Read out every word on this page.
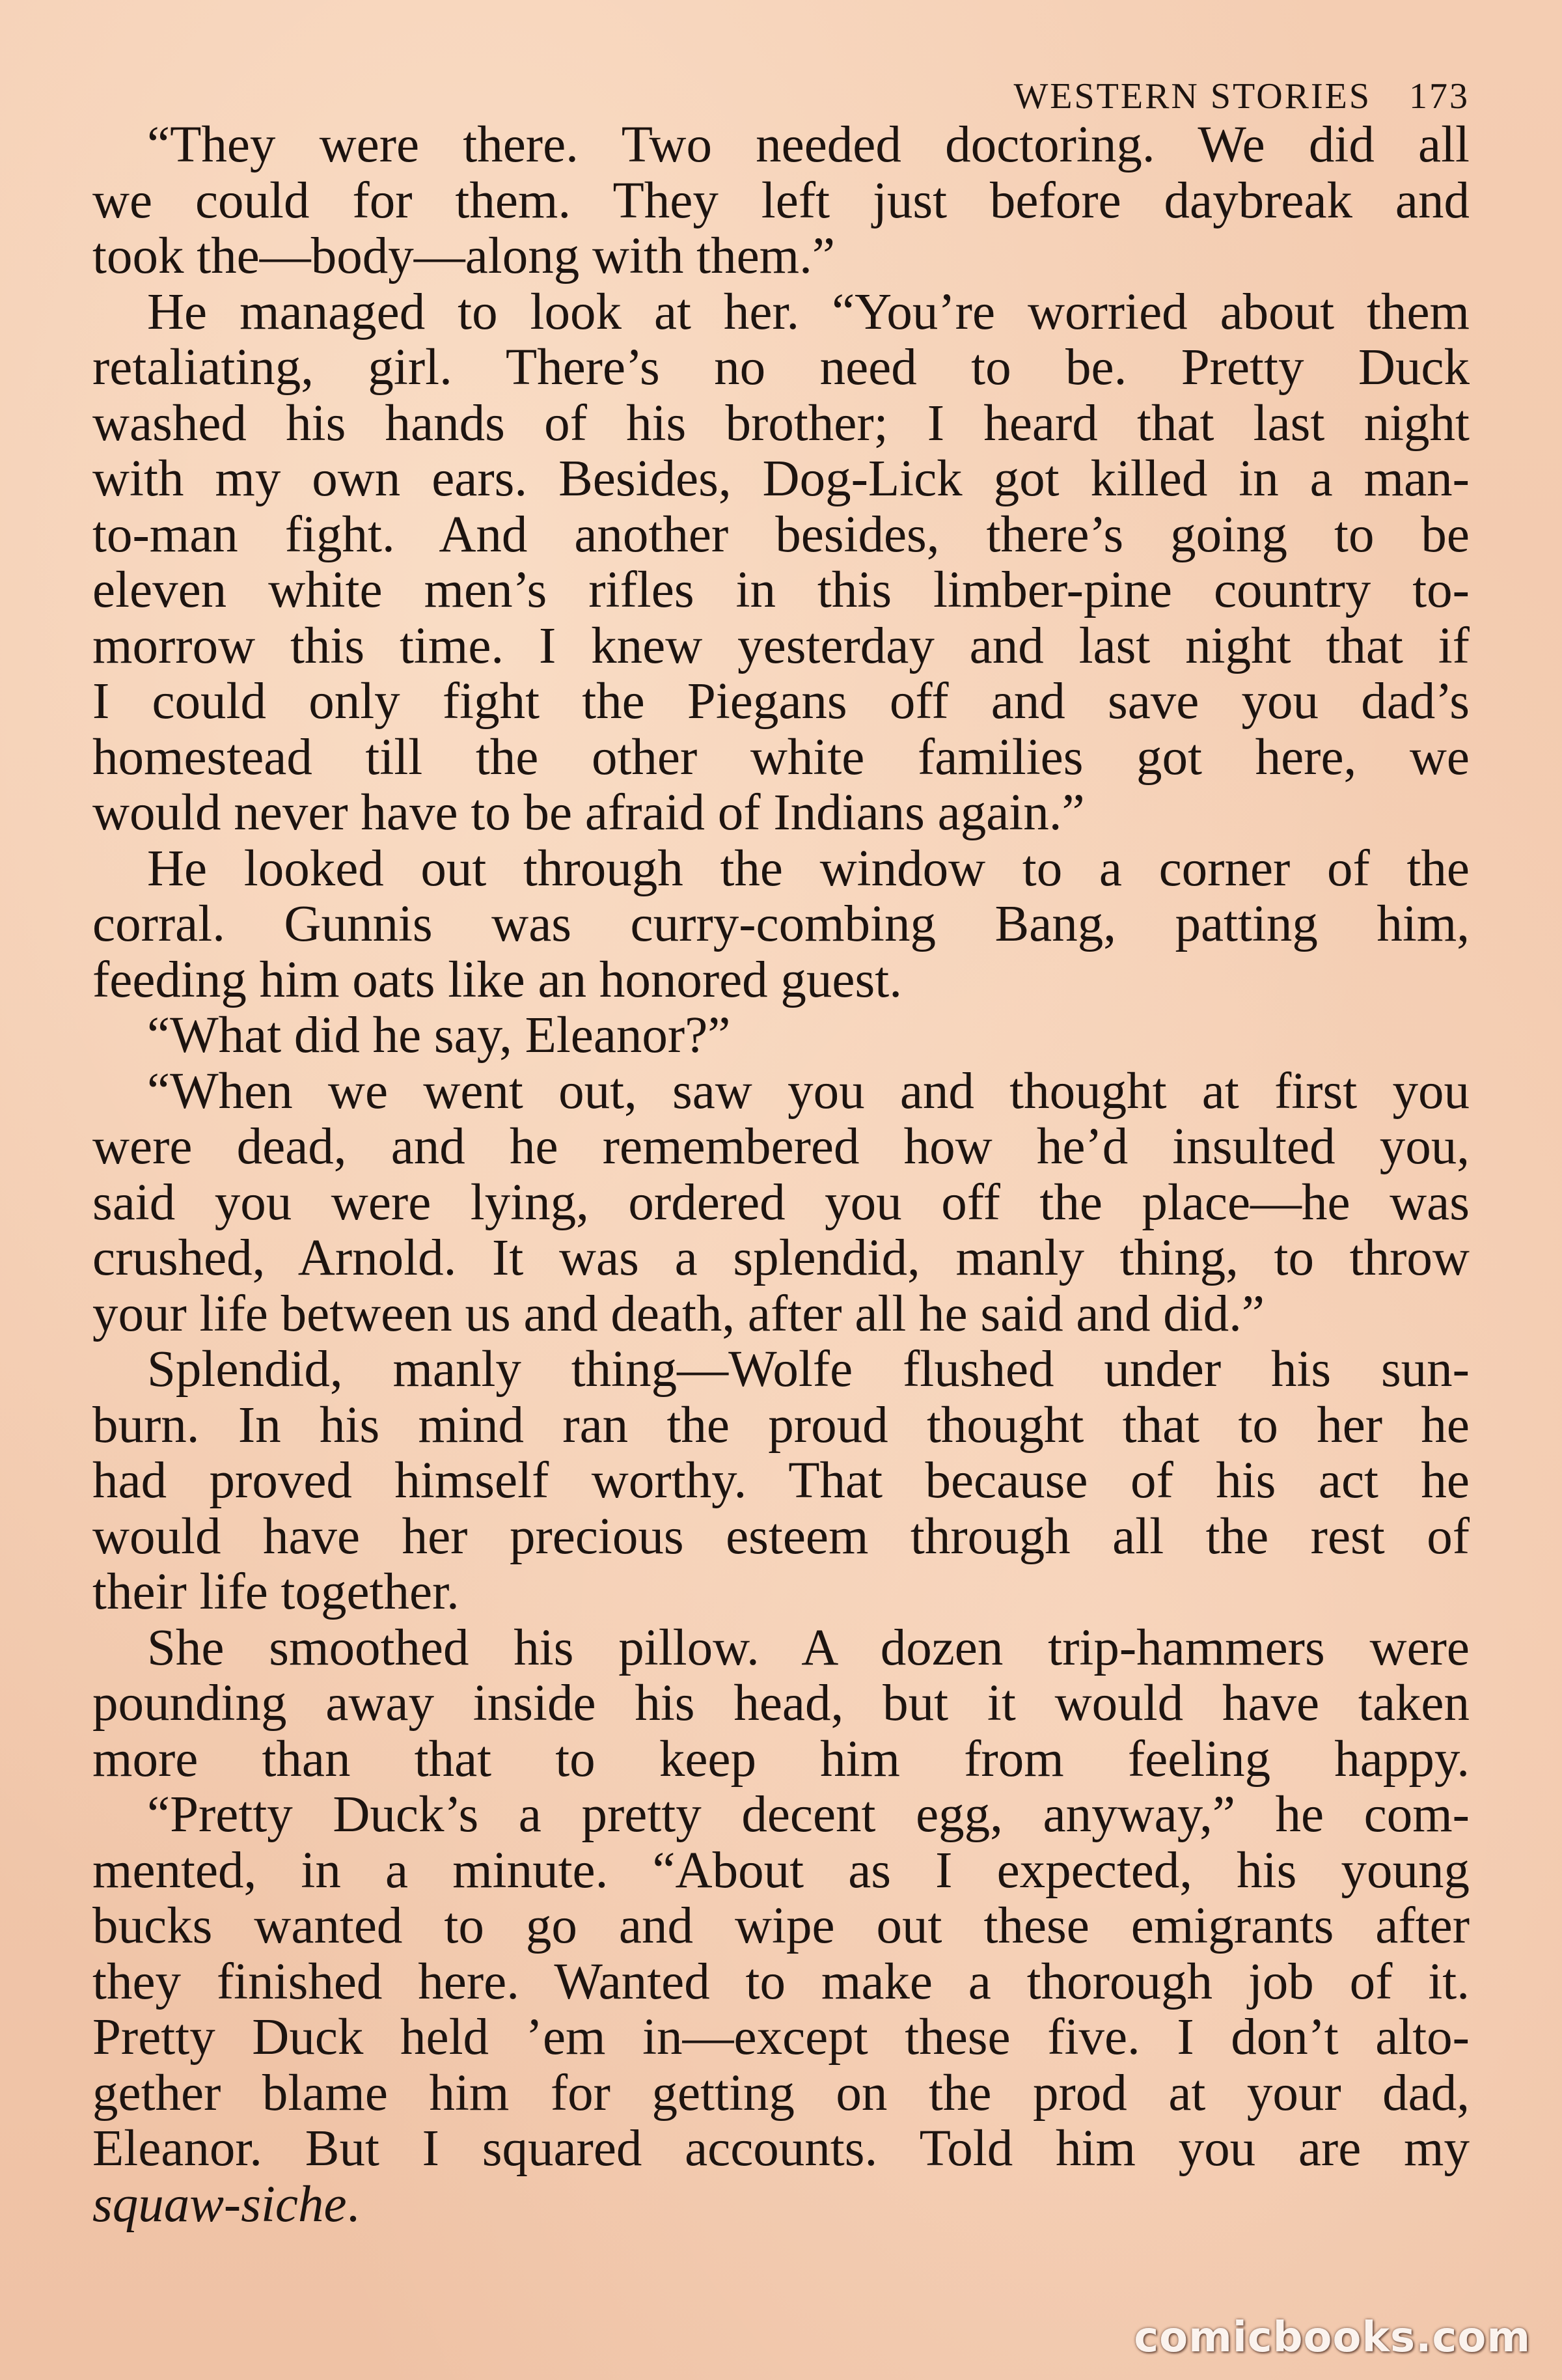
WESTERN STORIES 173
“They were there. Two needed doctoring. We did all
we could for them. They left just before daybreak and
took the—body—along with them.”
He managed to look at her. “You’re worried about them
retaliating, girl. There’s no need to be. Pretty Duck
washed his hands of his brother; I heard that last night
with my own ears. Besides, Dog-Lick got killed in a man-
to-man fight. And another besides, there’s going to be
eleven white men’s rifles in this limber-pine country to-
morrow this time. I knew yesterday and last night that if
I could only fight the Piegans off and save you dad’s
homestead till the other white families got here, we
would never have to be afraid of Indians again.”
He looked out through the window to a corner of the
corral. Gunnis was curry-combing Bang, patting him,
feeding him oats like an honored guest.
“What did he say, Eleanor?”
“When we went out, saw you and thought at first you
were dead, and he remembered how he’d insulted you,
said you were lying, ordered you off the place—he was
crushed, Arnold. It was a splendid, manly thing, to throw
your life between us and death, after all he said and did.”
Splendid, manly thing—Wolfe flushed under his sun-
burn. In his mind ran the proud thought that to her he
had proved himself worthy. That because of his act he
would have her precious esteem through all the rest of
their life together.
She smoothed his pillow. A dozen trip-hammers were
pounding away inside his head, but it would have taken
more than that to keep him from feeling happy.
“Pretty Duck’s a pretty decent egg, anyway,” he com-
mented, in a minute. “About as I expected, his young
bucks wanted to go and wipe out these emigrants after
they finished here. Wanted to make a thorough job of it.
Pretty Duck held ’em in—except these five. I don’t alto-
gether blame him for getting on the prod at your dad,
Eleanor. But I squared accounts. Told him you are my
squaw-siche.
comicbooks.com
